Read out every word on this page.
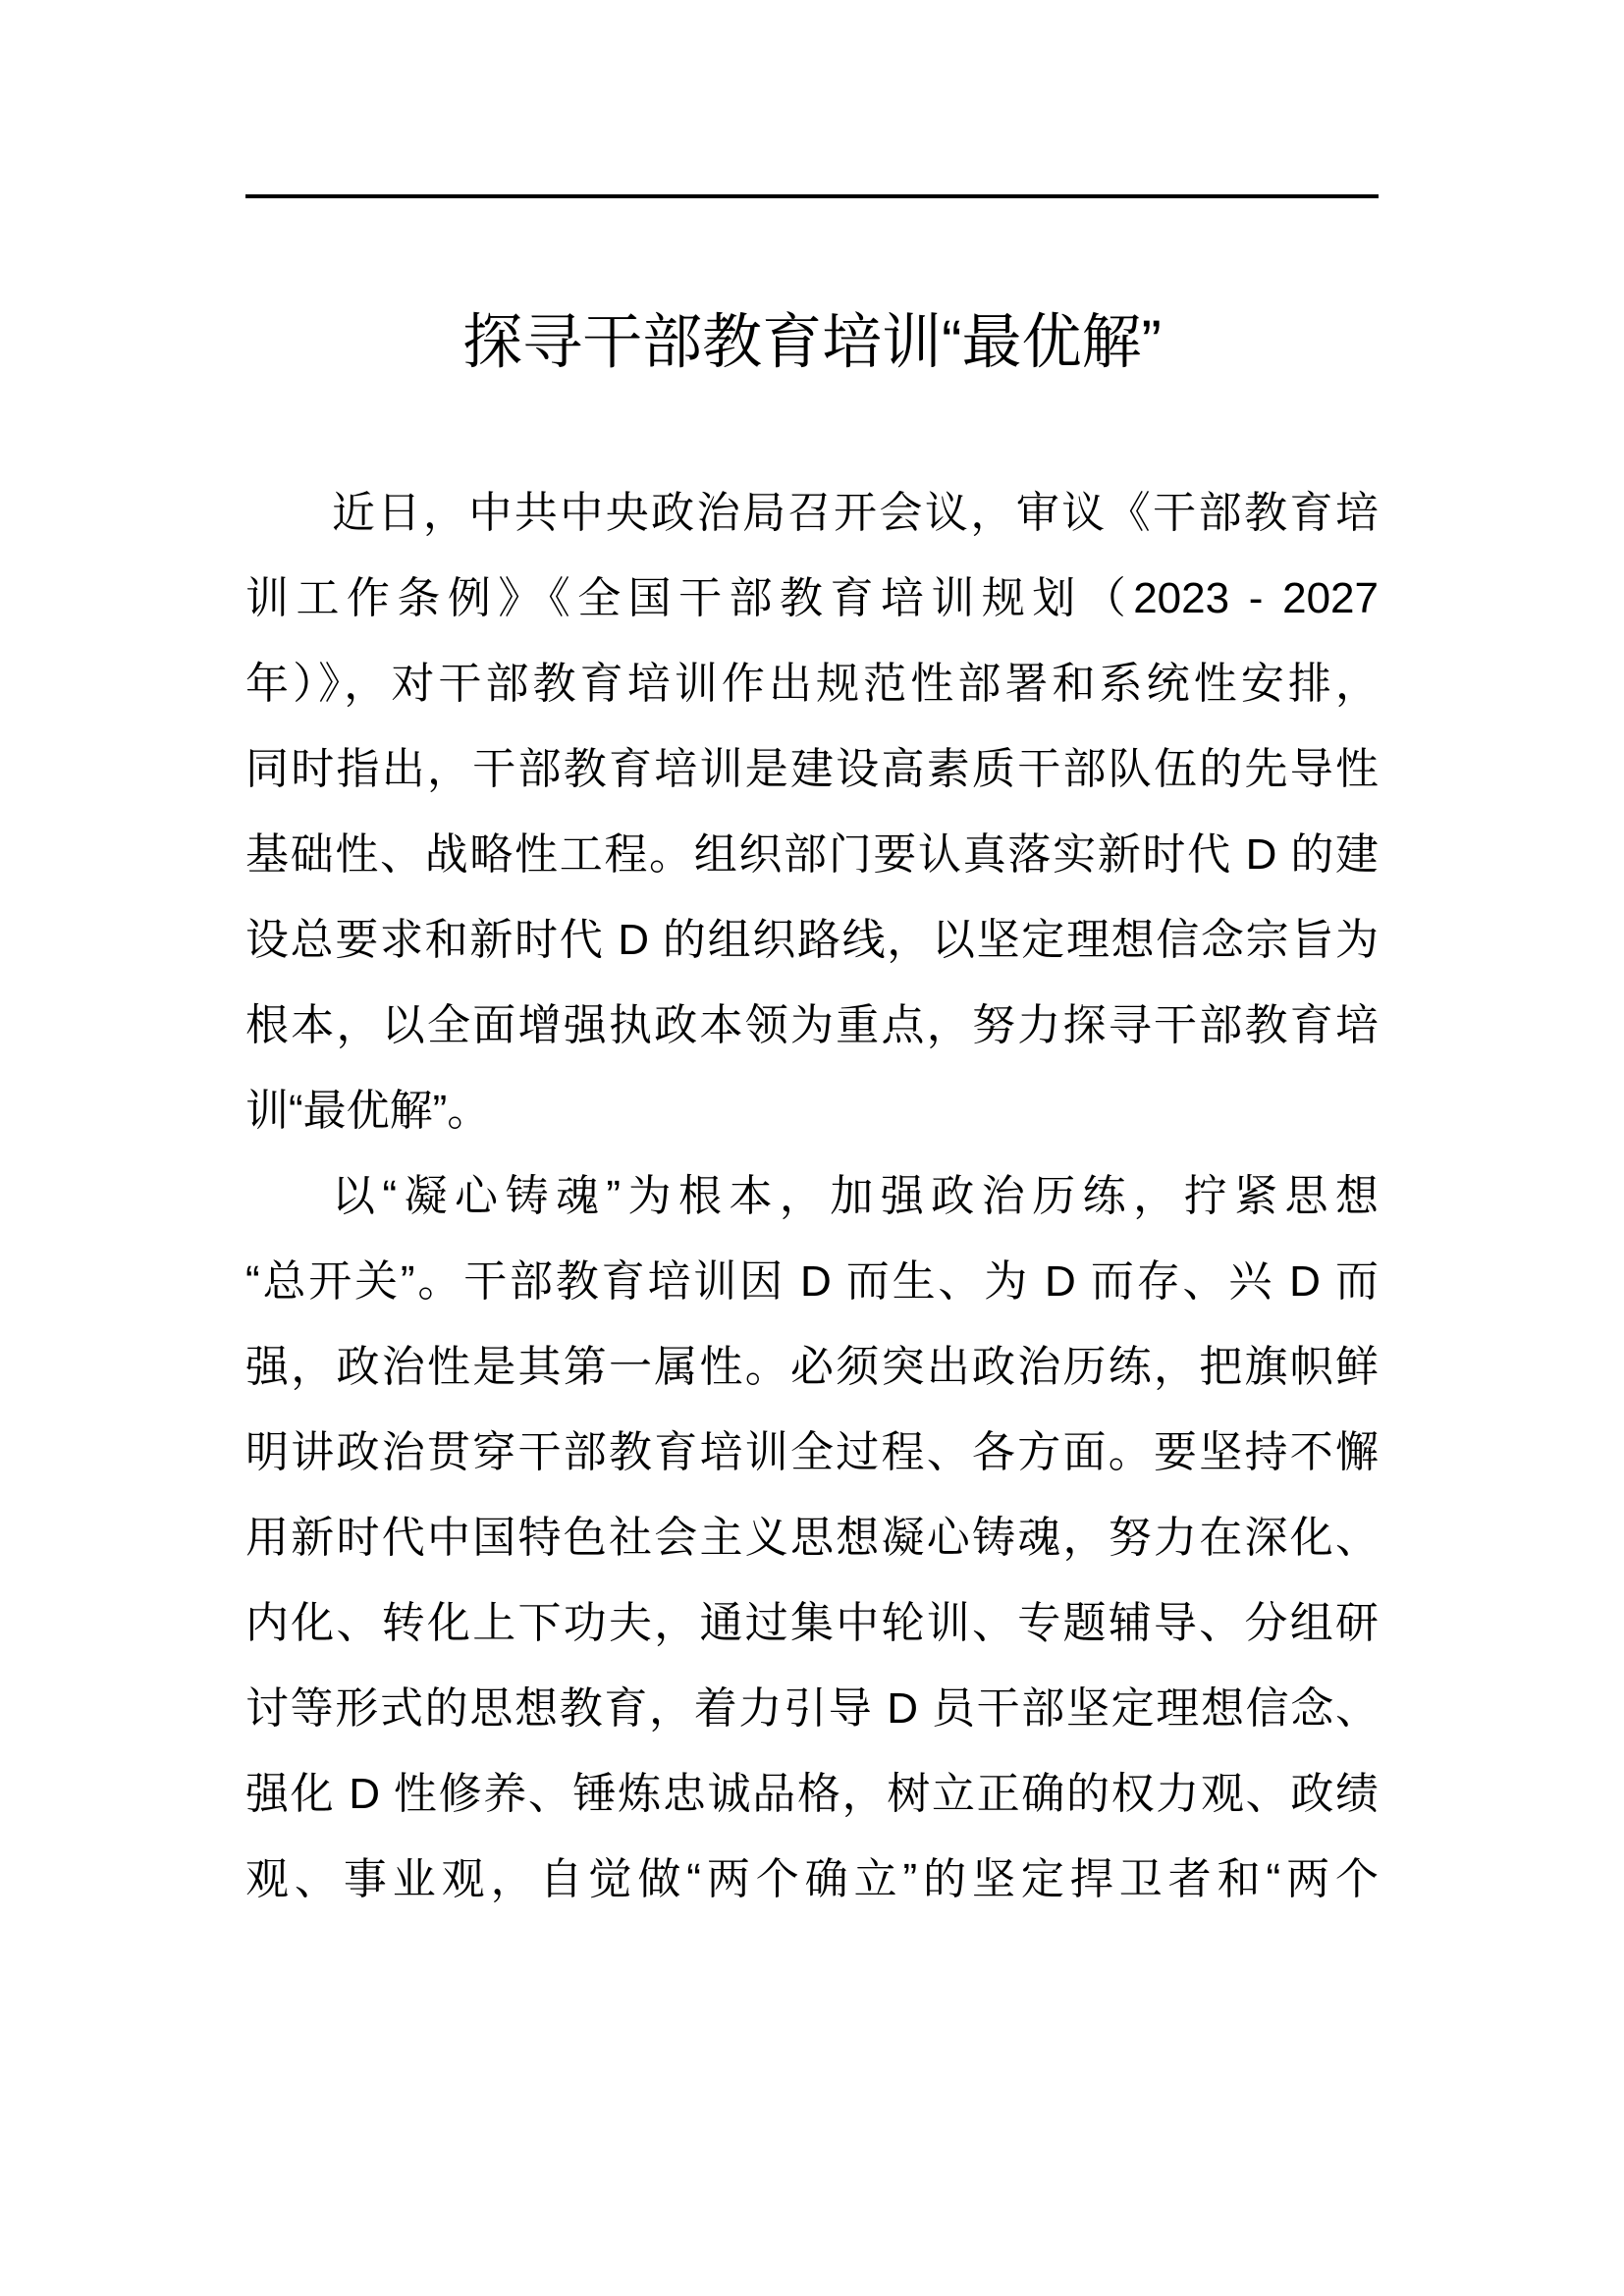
探寻干部教育培训“最优解”
近日，中共中央政治局召开会议，审议《干部教育培
训工作条例》《全国干部教育培训规划（2023 - 2027
年）》，对干部教育培训作出规范性部署和系统性安排，
同时指出，干部教育培训是建设高素质干部队伍的先导性
基础性、战略性工程。组织部门要认真落实新时代 D 的建
设总要求和新时代 D 的组织路线，以坚定理想信念宗旨为
根本，以全面增强执政本领为重点，努力探寻干部教育培
训“最优解”。
以“凝心铸魂”为根本，加强政治历练，拧紧思想
“总开关”。干部教育培训因 D 而生、为 D 而存、兴 D 而
强，政治性是其第一属性。必须突出政治历练，把旗帜鲜
明讲政治贯穿干部教育培训全过程、各方面。要坚持不懈
用新时代中国特色社会主义思想凝心铸魂，努力在深化、
内化、转化上下功夫，通过集中轮训、专题辅导、分组研
讨等形式的思想教育，着力引导 D 员干部坚定理想信念、
强化 D 性修养、锤炼忠诚品格，树立正确的权力观、政绩
观、事业观，自觉做“两个确立”的坚定捍卫者和“两个
